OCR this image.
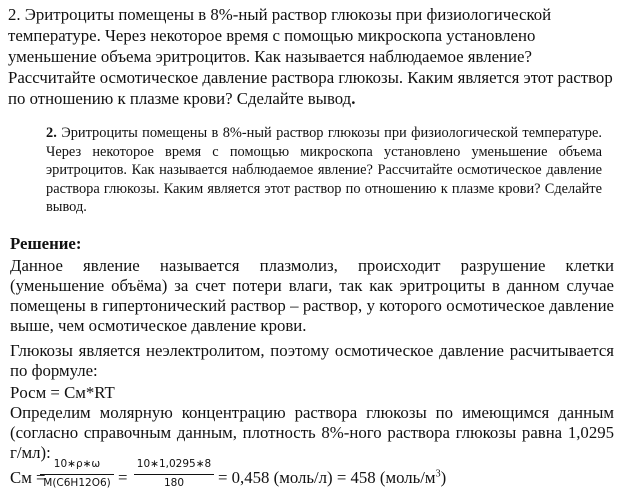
2. Эритроциты помещены в 8%-ный раствор глюкозы при физиологической температуре. Через некоторое время с помощью микроскопа установлено уменьшение объема эритроцитов. Как называется наблюдаемое явление? Рассчитайте осмотическое давление раствора глюкозы. Каким является этот раствор по отношению к плазме крови? Сделайте вывод.

2. Эритроциты помещены в 8%-ный раствор глюкозы при физиологической температуре. Через некоторое время с помощью микроскопа установлено уменьшение объема эритроцитов. Как называется наблюдаемое явление? Рассчитайте осмотическое давление раствора глюкозы. Каким является этот раствор по отношению к плазме крови? Сделайте вывод.

Решение:

Данное явление называется плазмолиз, происходит разрушение клетки (уменьшение объёма) за счет потери влаги, так как эритроциты в данном случае помещены в гипертонический раствор – раствор, у которого осмотическое давление выше, чем осмотическое давление крови.

Глюкозы является неэлектролитом, поэтому осмотическое давление расчитывается по формуле:

Pосм = Cм*RT

Определим молярную концентрацию раствора глюкозы по имеющимся данным (согласно справочным данным, плотность 8%-ного раствора глюкозы равна 1,0295 г/мл):

Cм =
10∗ρ∗ω
M(C6H12O6) =
10∗1,0295∗8
180	= 0,458 (моль/л) = 458 $(моль/м^3)$
